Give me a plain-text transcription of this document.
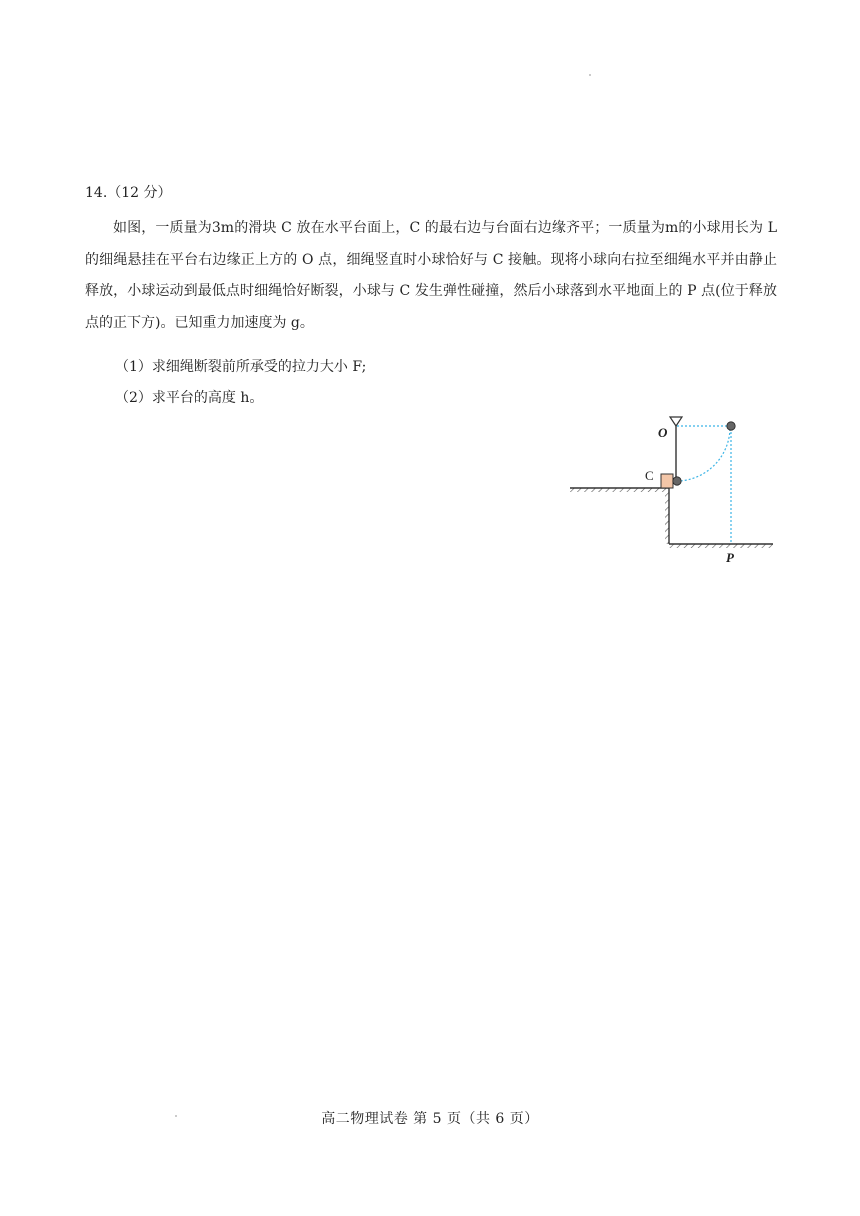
14.（12 分）
如图，一质量为3m的滑块 C 放在水平台面上，C 的最右边与台面右边缘齐平；一质量为m的小球用长为 L 的细绳悬挂在平台右边缘正上方的 O 点，细绳竖直时小球恰好与 C 接触。现将小球向右拉至细绳水平并由静止释放，小球运动到最低点时细绳恰好断裂，小球与 C 发生弹性碰撞，然后小球落到水平地面上的 P 点(位于释放点的正下方)。已知重力加速度为 g。
（1）求细绳断裂前所承受的拉力大小 F;
（2）求平台的高度 h。
O
C
P
高二物理试卷 第 5 页（共 6 页）
